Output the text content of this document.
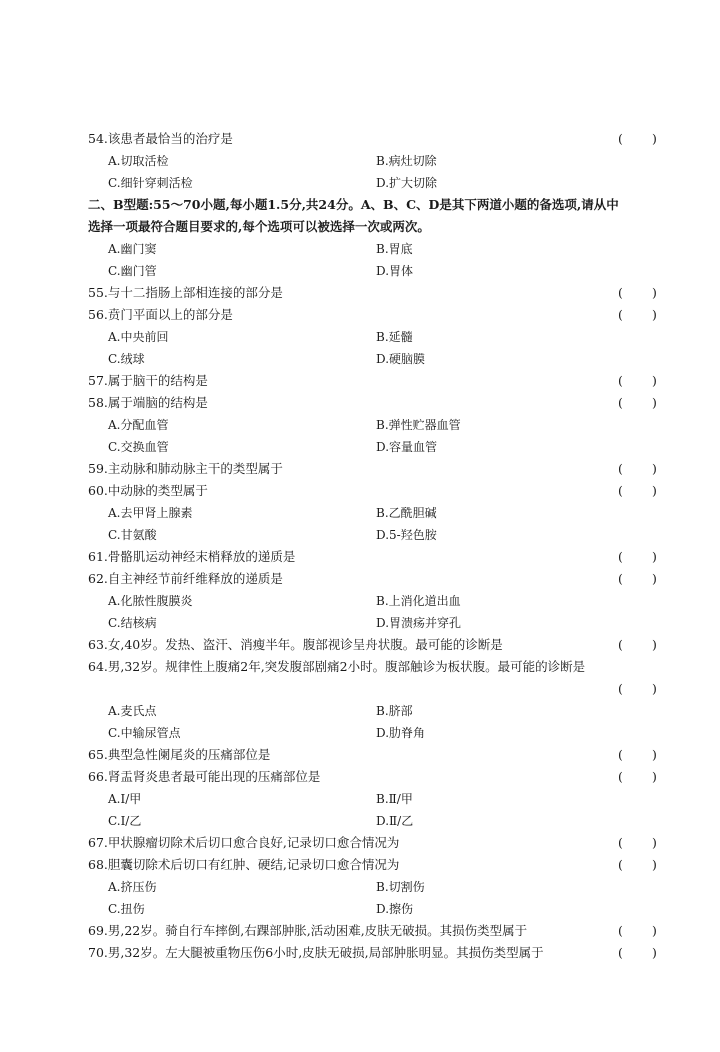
54.该患者最恰当的治疗是	( )
A.切取活检	B.病灶切除
C.细针穿刺活检	D.扩大切除
二、B型题:55～70小题,每小题1.5分,共24分。A、B、C、D是其下两道小题的备选项,请从中
选择一项最符合题目要求的,每个选项可以被选择一次或两次。
A.幽门窦	B.胃底
C.幽门管	D.胃体
55.与十二指肠上部相连接的部分是	( )
56.贲门平面以上的部分是	( )
A.中央前回	B.延髓
C.绒球	D.硬脑膜
57.属于脑干的结构是	( )
58.属于端脑的结构是	( )
A.分配血管	B.弹性贮器血管
C.交换血管	D.容量血管
59.主动脉和肺动脉主干的类型属于	( )
60.中动脉的类型属于	( )
A.去甲肾上腺素	B.乙酰胆碱
C.甘氨酸	D.5-羟色胺
61.骨骼肌运动神经末梢释放的递质是	( )
62.自主神经节前纤维释放的递质是	( )
A.化脓性腹膜炎	B.上消化道出血
C.结核病	D.胃溃疡并穿孔
63.女,40岁。发热、盗汗、消瘦半年。腹部视诊呈舟状腹。最可能的诊断是	( )
64.男,32岁。规律性上腹痛2年,突发腹部剧痛2小时。腹部触诊为板状腹。最可能的诊断是
( )
A.麦氏点	B.脐部
C.中输尿管点	D.肋脊角
65.典型急性阑尾炎的压痛部位是	( )
66.肾盂肾炎患者最可能出现的压痛部位是	( )
A.Ⅰ/甲	B.Ⅱ/甲
C.Ⅰ/乙	D.Ⅱ/乙
67.甲状腺瘤切除术后切口愈合良好,记录切口愈合情况为	( )
68.胆囊切除术后切口有红肿、硬结,记录切口愈合情况为	( )
A.挤压伤	B.切割伤
C.扭伤	D.擦伤
69.男,22岁。骑自行车摔倒,右踝部肿胀,活动困难,皮肤无破损。其损伤类型属于	( )
70.男,32岁。左大腿被重物压伤6小时,皮肤无破损,局部肿胀明显。其损伤类型属于	( )
